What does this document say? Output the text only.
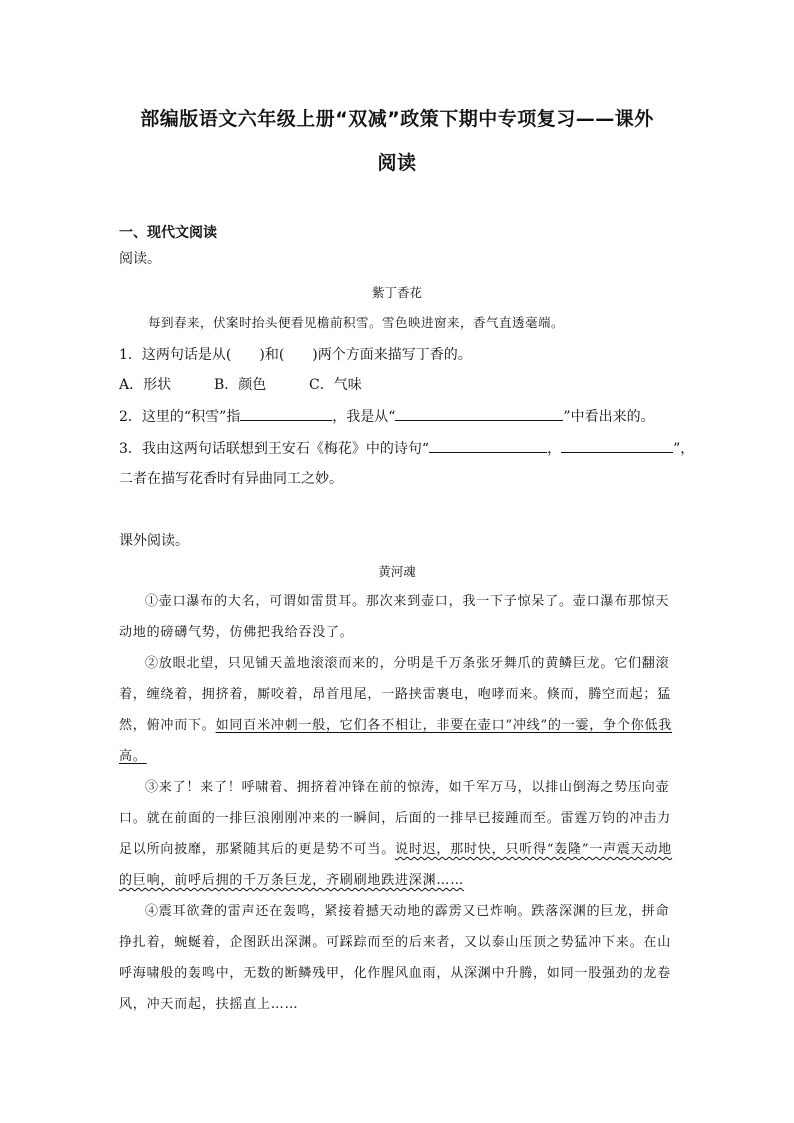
部编版语文六年级上册“双减”政策下期中专项复习——课外
阅读
一、现代文阅读
阅读。
紫丁香花
每到春来，伏案时抬头便看见檐前积雪。雪色映进窗来，香气直透毫端。
1．这两句话是从(　　)和(　　)两个方面来描写丁香的。
A．形状	B．颜色	C．气味
2．这里的“积雪”指	，我是从“	”中看出来的。
3．我由这两句话联想到王安石《梅花》中的诗句“	，	”，
二者在描写花香时有异曲同工之妙。
课外阅读。
黄河魂

①壶口瀑布的大名，可谓如雷贯耳。那次来到壶口，我一下子惊呆了。壶口瀑布那惊天动地的磅礴气势，仿佛把我给吞没了。

②放眼北望，只见铺天盖地滚滚而来的，分明是千万条张牙舞爪的黄鳞巨龙。它们翻滚着，缠绕着，拥挤着，厮咬着，昂首甩尾，一路挟雷裹电，咆哮而来。倏而，腾空而起；猛然，俯冲而下。如同百米冲刺一般，它们各不相让，非要在壶口“冲线”的一霎，争个你低我高。

③来了！来了！呼啸着、拥挤着冲锋在前的惊涛，如千军万马，以排山倒海之势压向壶口。就在前面的一排巨浪刚刚冲来的一瞬间，后面的一排早已接踵而至。雷霆万钧的冲击力足以所向披靡，那紧随其后的更是势不可当。说时迟，那时快，只听得“轰隆”一声震天动地的巨响，前呼后拥的千万条巨龙，齐刷刷地跌进深渊……

④震耳欲聋的雷声还在轰鸣，紧接着撼天动地的霹雳又已炸响。跌落深渊的巨龙，拼命挣扎着，蜿蜒着，企图跃出深渊。可踩踪而至的后来者，又以泰山压顶之势猛冲下来。在山呼海啸般的轰鸣中，无数的断鳞残甲，化作腥风血雨，从深渊中升腾，如同一股强劲的龙卷风，冲天而起，扶摇直上……
